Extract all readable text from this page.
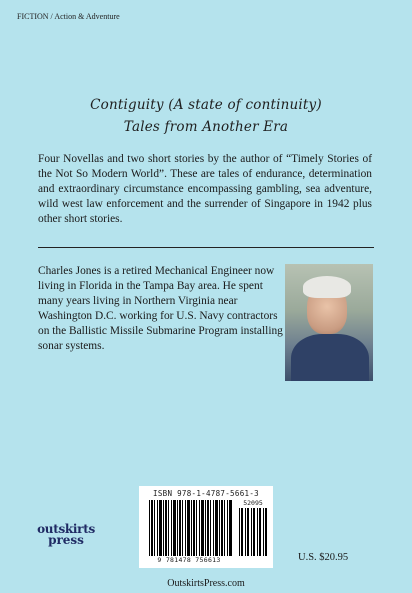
FICTION / Action & Adventure
Contiguity (A state of continuity)
Tales from Another Era
Four Novellas and two short stories by the author of “Timely Stories of the Not So Modern World”. These are tales of endurance, determination and extraordinary circumstance encompassing gambling, sea adventure, wild west law enforcement and the surrender of Singapore in 1942 plus other short stories.
Charles Jones is a retired Mechanical Engineer now living in Florida in the Tampa Bay area. He spent many years living in Northern Virginia near Washington D.C. working for U.S. Navy contractors on the Ballistic Missile Submarine Program installing sonar systems.
ISBN 978-1-4787-5661-3
52095
9 781478 756613
outskirts
press
U.S. $20.95
OutskirtsPress.com
